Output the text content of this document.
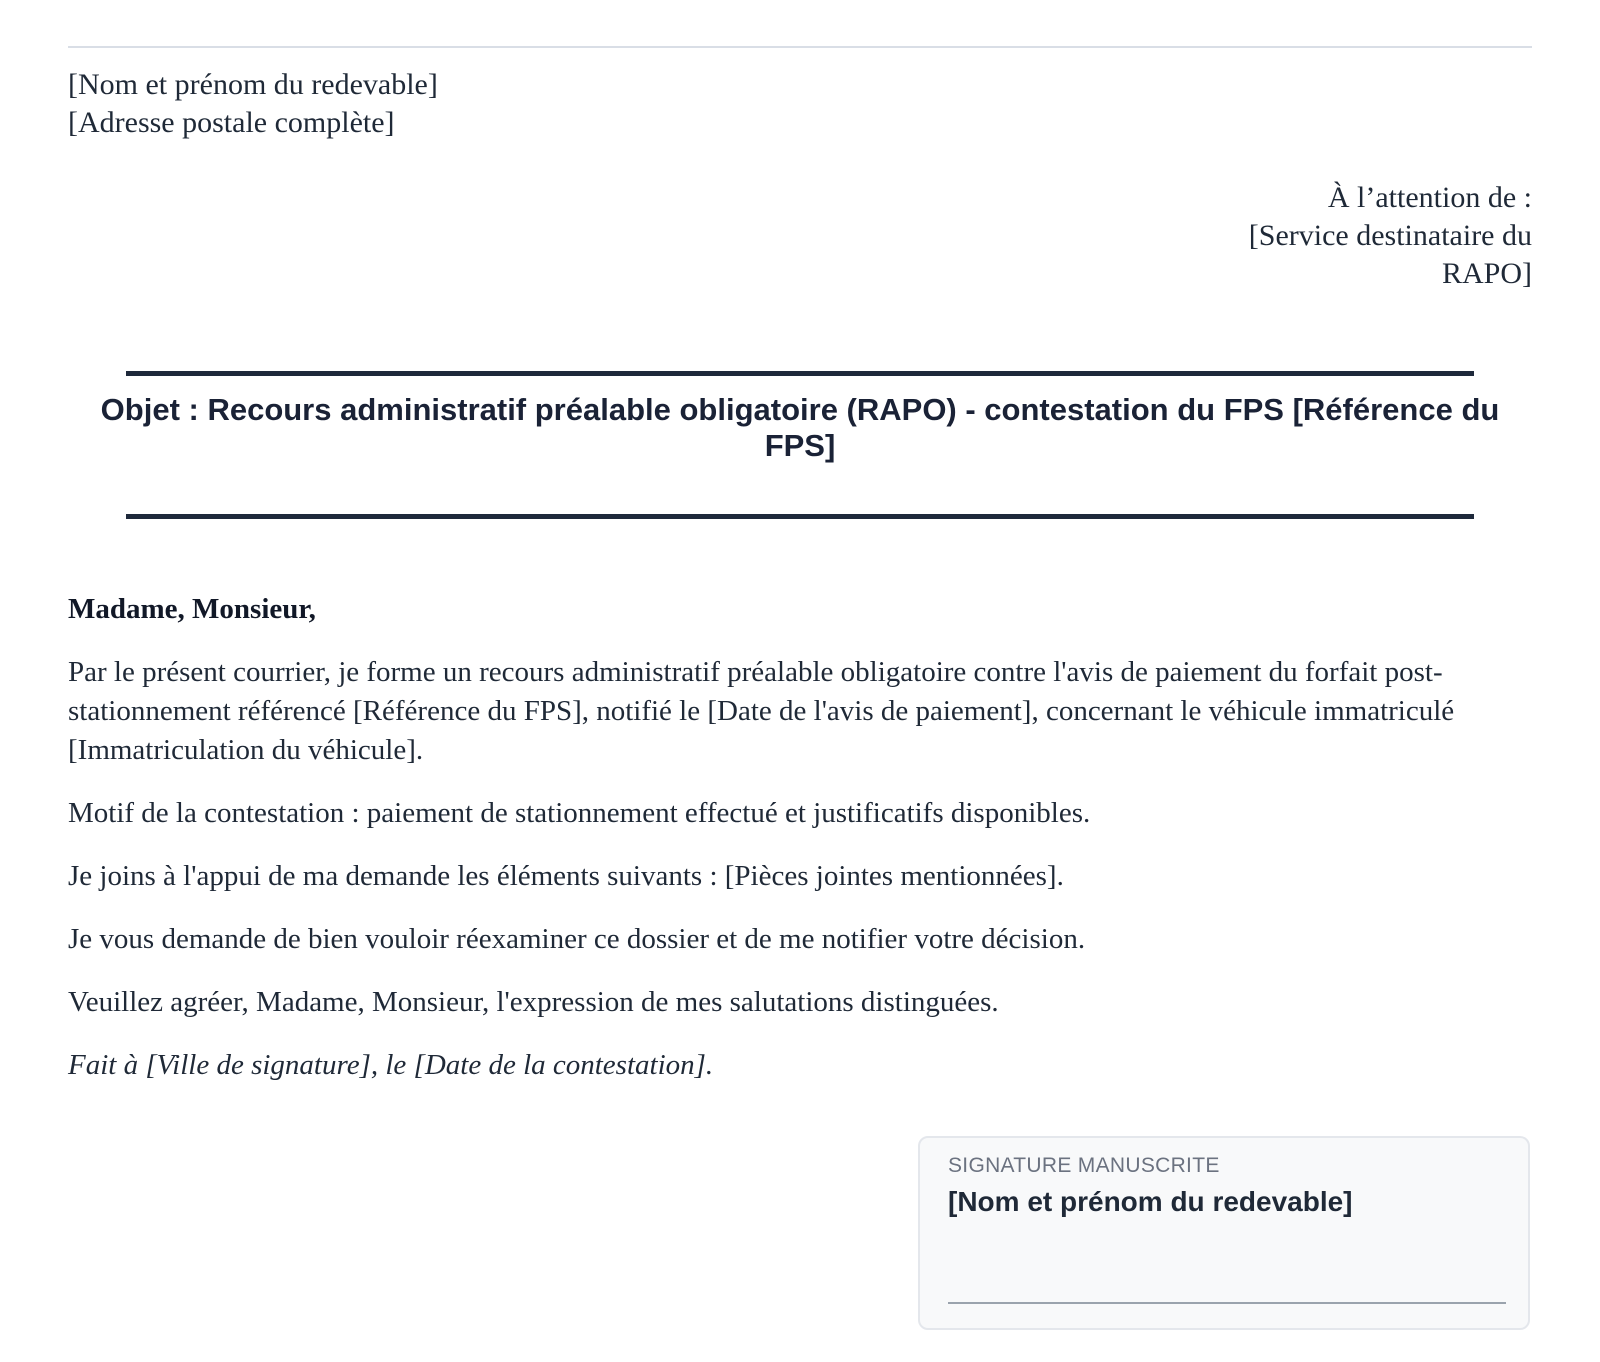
[Nom et prénom du redevable]
[Adresse postale complète]
À l’attention de :
[Service destinataire du
RAPO]
Objet : Recours administratif préalable obligatoire (RAPO) - contestation du FPS [Référence du
FPS]

Madame, Monsieur,

Par le présent courrier, je forme un recours administratif préalable obligatoire contre l'avis de paiement du forfait post-stationnement référencé [Référence du FPS], notifié le [Date de l'avis de paiement], concernant le véhicule immatriculé [Immatriculation du véhicule].

Motif de la contestation : paiement de stationnement effectué et justificatifs disponibles.

Je joins à l'appui de ma demande les éléments suivants : [Pièces jointes mentionnées].

Je vous demande de bien vouloir réexaminer ce dossier et de me notifier votre décision.

Veuillez agréer, Madame, Monsieur, l'expression de mes salutations distinguées.

Fait à [Ville de signature], le [Date de la contestation].

SIGNATURE MANUSCRITE
[Nom et prénom du redevable]
